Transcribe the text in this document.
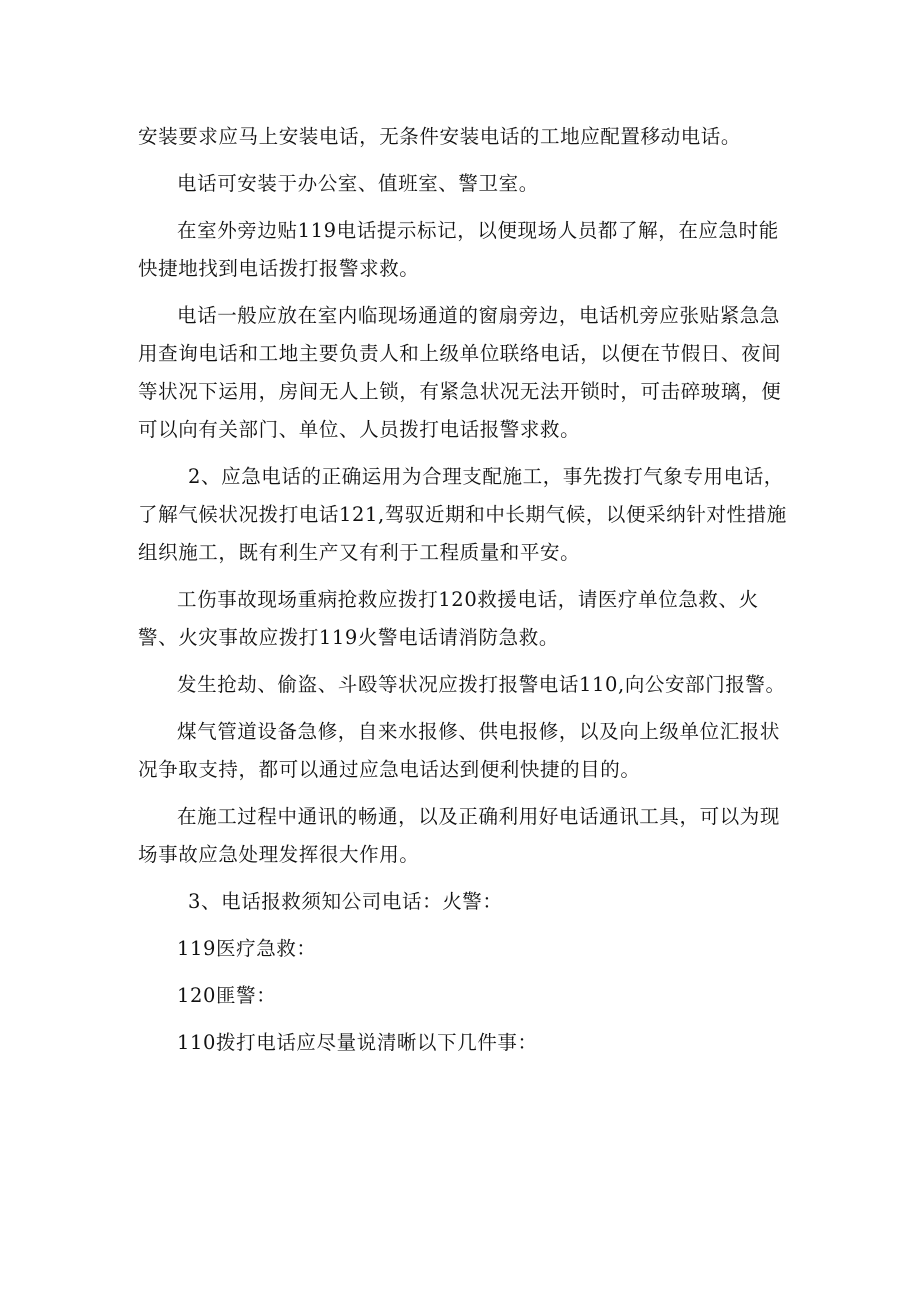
安装要求应马上安装电话，无条件安装电话的工地应配置移动电话。

电话可安装于办公室、值班室、警卫室。

在室外旁边贴119电话提示标记，以便现场人员都了解，在应急时能快捷地找到电话拨打报警求救。

电话一般应放在室内临现场通道的窗扇旁边，电话机旁应张贴紧急急用查询电话和工地主要负责人和上级单位联络电话，以便在节假日、夜间等状况下运用，房间无人上锁，有紧急状况无法开锁时，可击碎玻璃，便可以向有关部门、单位、人员拨打电话报警求救。

2、应急电话的正确运用为合理支配施工，事先拨打气象专用电话，了解气候状况拨打电话121,驾驭近期和中长期气候，以便采纳针对性措施组织施工，既有利生产又有利于工程质量和平安。

工伤事故现场重病抢救应拨打120救援电话，请医疗单位急救、火警、火灾事故应拨打119火警电话请消防急救。

发生抢劫、偷盗、斗殴等状况应拨打报警电话110,向公安部门报警。

煤气管道设备急修，自来水报修、供电报修，以及向上级单位汇报状况争取支持，都可以通过应急电话达到便利快捷的目的。

在施工过程中通讯的畅通，以及正确利用好电话通讯工具，可以为现场事故应急处理发挥很大作用。

3、电话报救须知公司电话：火警：

119医疗急救：

120匪警：

110拨打电话应尽量说清晰以下几件事：
